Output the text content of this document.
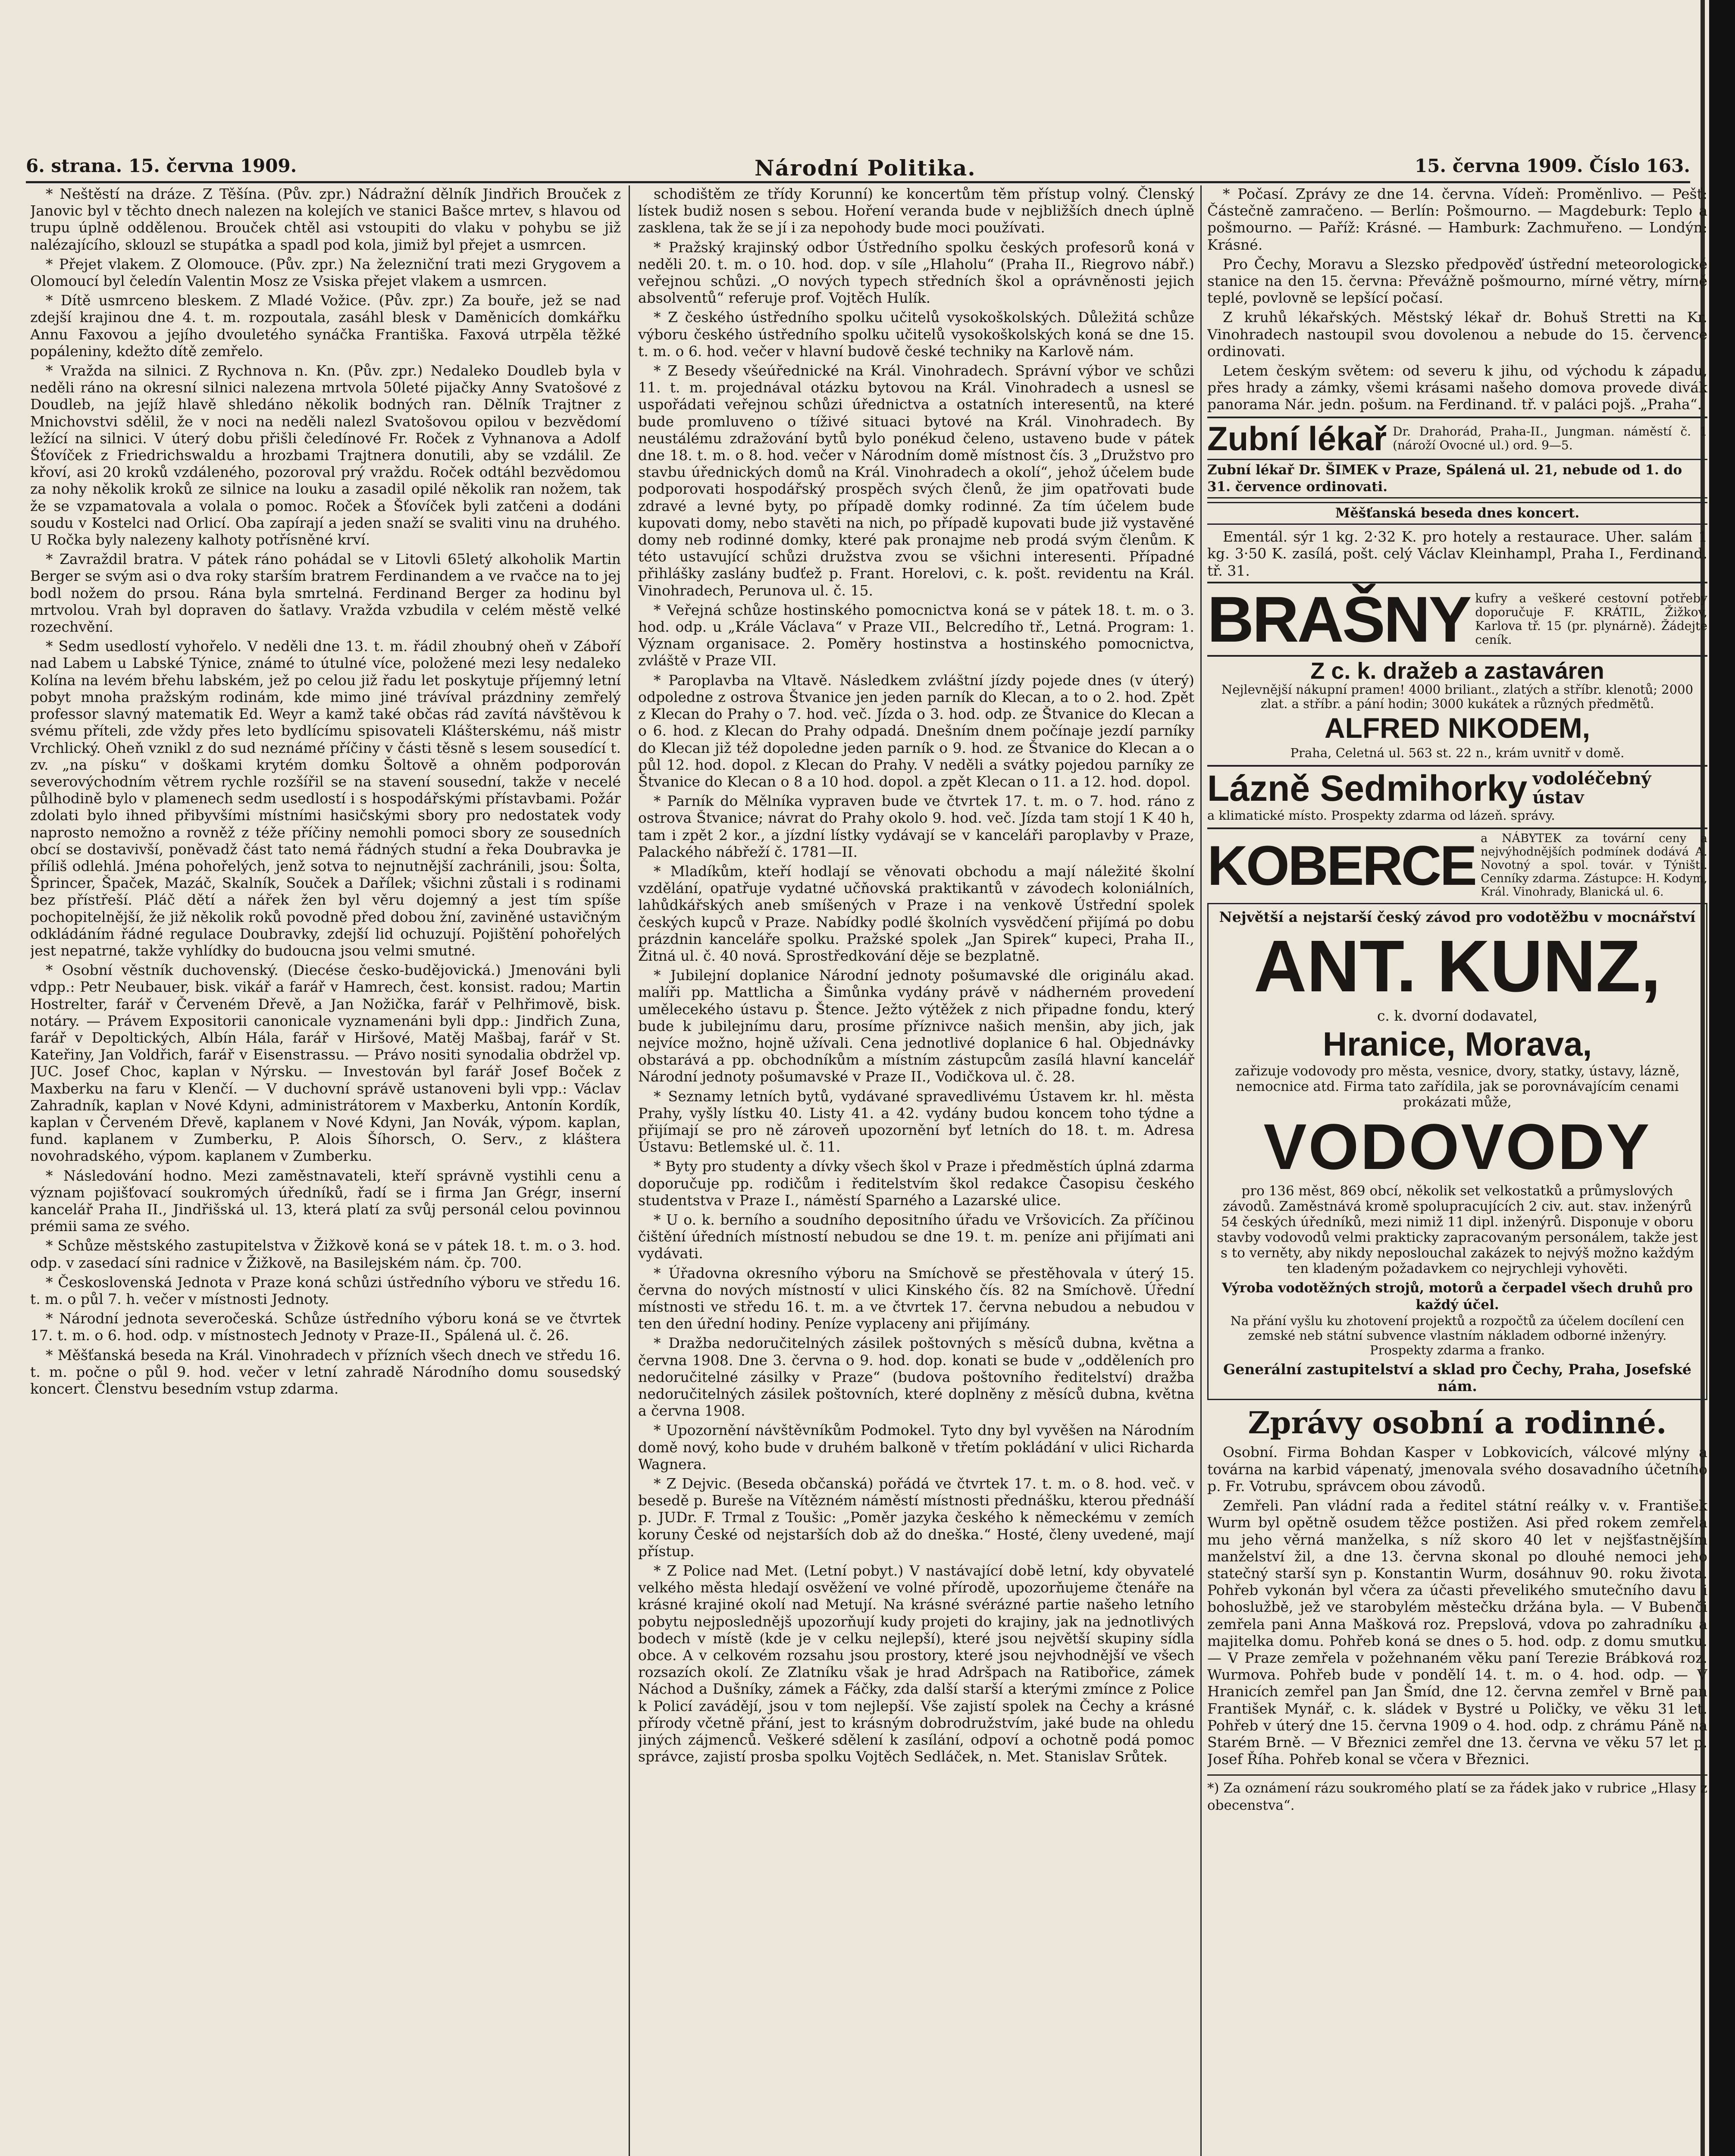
6. strana. 15. června 1909.	Národní Politika.	15. června 1909. Číslo 163.

* Neštěstí na dráze. Z Těšína. (Pův. zpr.) Nádražní dělník Jindřich Brouček z Janovic byl v těchto dnech nalezen na kolejích ve stanici Bašce mrtev, s hlavou od trupu úplně oddělenou. Brouček chtěl asi vstoupiti do vlaku v pohybu se již nalézajícího, sklouzl se stupátka a spadl pod kola, jimiž byl přejet a usmrcen.

* Přejet vlakem. Z Olomouce. (Pův. zpr.) Na železniční trati mezi Grygovem a Olomoucí byl čeledín Valentin Mosz ze Vsiska přejet vlakem a usmrcen.

* Dítě usmrceno bleskem. Z Mladé Vožice. (Pův. zpr.) Za bouře, jež se nad zdejší krajinou dne 4. t. m. rozpoutala, zasáhl blesk v Daměnicích domkářku Annu Faxovou a jejího dvouletého synáčka Františka. Faxová utrpěla těžké popáleniny, kdežto dítě zemřelo.

* Vražda na silnici. Z Rychnova n. Kn. (Pův. zpr.) Nedaleko Doudleb byla v neděli ráno na okresní silnici nalezena mrtvola 50leté pijačky Anny Svatošové z Doudleb, na jejíž hlavě shledáno několik bodných ran. Dělník Trajtner z Mnichovstvi sdělil, že v noci na neděli nalezl Svatošovou opilou v bezvědomí ležící na silnici. V úterý dobu přišli čeledínové Fr. Roček z Vyhnanova a Adolf Šťovíček z Friedrichswaldu a hrozbami Trajtnera donutili, aby se vzdálil. Ze křoví, asi 20 kroků vzdáleného, pozoroval prý vraždu. Roček odtáhl bezvědomou za nohy několik kroků ze silnice na louku a zasadil opilé několik ran nožem, tak že se vzpamatovala a volala o pomoc. Roček a Šťovíček byli zatčeni a dodáni soudu v Kostelci nad Orlicí. Oba zapírají a jeden snaží se svaliti vinu na druhého. U Ročka byly nalezeny kalhoty potřísněné krví.

* Zavraždil bratra. V pátek ráno pohádal se v Litovli 65letý alkoholik Martin Berger se svým asi o dva roky starším bratrem Ferdinandem a ve rvačce na to jej bodl nožem do prsou. Rána byla smrtelná. Ferdinand Berger za hodinu byl mrtvolou. Vrah byl dopraven do šatlavy. Vražda vzbudila v celém městě velké rozechvění.

* Sedm usedlostí vyhořelo. V neděli dne 13. t. m. řádil zhoubný oheň v Záboří nad Labem u Labské Týnice, známé to útulné více, položené mezi lesy nedaleko Kolína na levém břehu labském, jež po celou již řadu let poskytuje příjemný letní pobyt mnoha pražským rodinám, kde mimo jiné trávíval prázdniny zemřelý professor slavný matematik Ed. Weyr a kamž také občas rád zavítá návštěvou k svému příteli, zde vždy přes leto bydlícímu spisovateli Klášterskému, náš mistr Vrchlický. Oheň vznikl z do sud neznámé příčiny v části těsně s lesem sousedící t. zv. „na písku“ v doškami krytém domku Šoltově a ohněm podporován severovýchodním větrem rychle rozšířil se na stavení sousední, takže v necelé půlhodině bylo v plamenech sedm usedlostí i s hospodářskými přístavbami. Požár zdolati bylo ihned přibyvšími místními hasičskými sbory pro nedostatek vody naprosto nemožno a rovněž z téže příčiny nemohli pomoci sbory ze sousedních obcí se dostavivší, poněvadž část tato nemá řádných studní a řeka Doubravka je příliš odlehlá. Jména pohořelých, jenž sotva to nejnutnější zachránili, jsou: Šolta, Šprincer, Špaček, Mazáč, Skalník, Souček a Dařílek; všichni zůstali i s rodinami bez přístřeší. Pláč dětí a nářek žen byl věru dojemný a jest tím spíše pochopitelnější, že již několik roků povodně před dobou žní, zaviněné ustavičným odkládáním řádné regulace Doubravky, zdejší lid ochuzují. Pojištění pohořelých jest nepatrné, takže vyhlídky do budoucna jsou velmi smutné.

* Osobní věstník duchovenský. (Diecése česko-budějovická.) Jmenováni byli vdpp.: Petr Neubauer, bisk. vikář a farář v Hamrech, čest. konsist. radou; Martin Hostrelter, farář v Červeném Dřevě, a Jan Nožička, farář v Pelhřimově, bisk. notáry. — Právem Expositorii canonicale vyznamenáni byli dpp.: Jindřich Zuna, farář v Depoltických, Albín Hála, farář v Hiršové, Matěj Mašbaj, farář v St. Kateřiny, Jan Voldřich, farář v Eisenstrassu. — Právo nositi synodalia obdržel vp. JUC. Josef Choc, kaplan v Nýrsku. — Investován byl farář Josef Boček z Maxberku na faru v Klenčí. — V duchovní správě ustanoveni byli vpp.: Václav Zahradník, kaplan v Nové Kdyni, administrátorem v Maxberku, Antonín Kordík, kaplan v Červeném Dřevě, kaplanem v Nové Kdyni, Jan Novák, výpom. kaplan, fund. kaplanem v Zumberku, P. Alois Šíhorsch, O. Serv., z kláštera novohradského, výpom. kaplanem v Zumberku.

* Následování hodno. Mezi zaměstnavateli, kteří správně vystihli cenu a význam pojišťovací soukromých úředníků, řadí se i firma Jan Grégr, inserní kancelář Praha II., Jindřišská ul. 13, která platí za svůj personál celou povinnou prémii sama ze svého.

* Schůze městského zastupitelstva v Žižkově koná se v pátek 18. t. m. o 3. hod. odp. v zasedací síni radnice v Žižkově, na Basilejském nám. čp. 700.

* Československá Jednota v Praze koná schůzi ústředního výboru ve středu 16. t. m. o půl 7. h. večer v místnosti Jednoty.

* Národní jednota severočeská. Schůze ústředního výboru koná se ve čtvrtek 17. t. m. o 6. hod. odp. v místnostech Jednoty v Praze-II., Spálená ul. č. 26.

* Měšťanská beseda na Král. Vinohradech v přízních všech dnech ve středu 16. t. m. počne o půl 9. hod. večer v letní zahradě Národního domu sousedský koncert. Členstvu besedním vstup zdarma.

schodištěm ze třídy Korunní) ke koncertům těm přístup volný. Členský lístek budiž nosen s sebou. Hoření veranda bude v nejbližších dnech úplně zasklena, tak že se jí i za nepohody bude moci používati.

* Pražský krajinský odbor Ústředního spolku českých profesorů koná v neděli 20. t. m. o 10. hod. dop. v síle „Hlaholu“ (Praha II., Riegrovo nábř.) veřejnou schůzi. „O nových typech středních škol a oprávněnosti jejich absolventů“ referuje prof. Vojtěch Hulík.

* Z českého ústředního spolku učitelů vysokoškolských. Důležitá schůze výboru českého ústředního spolku učitelů vysokoškolských koná se dne 15. t. m. o 6. hod. večer v hlavní budově české techniky na Karlově nám.

* Z Besedy všeúřednické na Král. Vinohradech. Správní výbor ve schůzi 11. t. m. projednával otázku bytovou na Král. Vinohradech a usnesl se uspořádati veřejnou schůzi úřednictva a ostatních interesentů, na které bude promluveno o tíživé situaci bytové na Král. Vinohradech. By neustálému zdražování bytů bylo ponékud čeleno, ustaveno bude v pátek dne 18. t. m. o 8. hod. večer v Národním domě místnost čís. 3 „Družstvo pro stavbu úřednických domů na Král. Vinohradech a okolí“, jehož účelem bude podporovati hospodářský prospěch svých členů, že jim opatřovati bude zdravé a levné byty, po případě domky rodinné. Za tím účelem bude kupovati domy, nebo stavěti na nich, po případě kupovati bude již vystavěné domy neb rodinné domky, které pak pronajme neb prodá svým členům. K této ustavující schůzi družstva zvou se všichni interesenti. Případné přihlášky zaslány budťež p. Frant. Horelovi, c. k. pošt. revidentu na Král. Vinohradech, Perunova ul. č. 15.

* Veřejná schůze hostinského pomocnictva koná se v pátek 18. t. m. o 3. hod. odp. u „Krále Václava“ v Praze VII., Belcredího tř., Letná. Program: 1. Význam organisace. 2. Poměry hostinstva a hostinského pomocnictva, zvláště v Praze VII.

* Paroplavba na Vltavě. Následkem zvláštní jízdy pojede dnes (v úterý) odpoledne z ostrova Štvanice jen jeden parník do Klecan, a to o 2. hod. Zpět z Klecan do Prahy o 7. hod. več. Jízda o 3. hod. odp. ze Štvanice do Klecan a o 6. hod. z Klecan do Prahy odpadá. Dnešním dnem počínaje jezdí parníky do Klecan již též dopoledne jeden parník o 9. hod. ze Štvanice do Klecan a o půl 12. hod. dopol. z Klecan do Prahy. V neděli a svátky pojedou parníky ze Štvanice do Klecan o 8 a 10 hod. dopol. a zpět Klecan o 11. a 12. hod. dopol.

* Parník do Mělníka vypraven bude ve čtvrtek 17. t. m. o 7. hod. ráno z ostrova Štvanice; návrat do Prahy okolo 9. hod. več. Jízda tam stojí 1 K 40 h, tam i zpět 2 kor., a jízdní lístky vydávají se v kanceláři paroplavby v Praze, Palackého nábřeží č. 1781—II.

* Mladíkům, kteří hodlají se věnovati obchodu a mají náležité školní vzdělání, opatřuje vydatné učňovská praktikantů v závodech koloniálních, lahůdkářských aneb smíšených v Praze i na venkově Ústřední spolek českých kupců v Praze. Nabídky podlé školních vysvědčení přijímá po dobu prázdnin kanceláře spolku. Pražské spolek „Jan Spirek“ kupeci, Praha II., Žitná ul. č. 40 nová. Sprostředkování děje se bezplatně.

* Jubilejní doplanice Národní jednoty pošumavské dle originálu akad. malíři pp. Mattlicha a Šimůnka vydány právě v nádherném provedení umělecekého ústavu p. Štence. Ježto výtěžek z nich připadne fondu, který bude k jubilejnímu daru, prosíme příznivce našich menšin, aby jich, jak nejvíce možno, hojně užívali. Cena jednotlivé doplanice 6 hal. Objednávky obstarává a pp. obchodníkům a místním zástupcům zasílá hlavní kancelář Národní jednoty pošumavské v Praze II., Vodičkova ul. č. 28.

* Seznamy letních bytů, vydávané spravedlivému Ústavem kr. hl. města Prahy, vyšly lístku 40. Listy 41. a 42. vydány budou koncem toho týdne a přijímají se pro ně zároveň upozornění byť letních do 18. t. m. Adresa Ústavu: Betlemské ul. č. 11.

* Byty pro studenty a dívky všech škol v Praze i předměstích úplná zdarma doporučuje pp. rodičům i ředitelstvím škol redakce Časopisu českého studentstva v Praze I., náměstí Sparného a Lazarské ulice.

* U o. k. berního a soudního depositního úřadu ve Vršovicích. Za příčinou čištění úředních místností nebudou se dne 19. t. m. peníze ani přijímati ani vydávati.

* Úřadovna okresního výboru na Smíchově se přestěhovala v úterý 15. června do nových místností v ulici Kinského čís. 82 na Smíchově. Úřední místnosti ve středu 16. t. m. a ve čtvrtek 17. června nebudou a nebudou v ten den úřední hodiny. Peníze vyplaceny ani přijímány.

* Dražba nedoručitelných zásilek poštovných s měsíců dubna, května a června 1908. Dne 3. června o 9. hod. dop. konati se bude v „odděleních pro nedoručitelné zásilky v Praze“ (budova poštovního ředitelství) dražba nedoručitelných zásilek poštovních, které doplněny z měsíců dubna, května a června 1908.

* Upozornění návštěvníkům Podmokel. Tyto dny byl vyvěšen na Národním domě nový, koho bude v druhém balkoně v třetím pokládání v ulici Richarda Wagnera.

* Z Dejvic. (Beseda občanská) pořádá ve čtvrtek 17. t. m. o 8. hod. več. v besedě p. Bureše na Vítězném náměstí místnosti přednášku, kterou přednáší p. JUDr. F. Trmal z Toušic: „Poměr jazyka českého k německému v zemích koruny České od nejstarších dob až do dneška.“ Hosté, členy uvedené, mají přístup.

* Z Police nad Met. (Letní pobyt.) V nastávající době letní, kdy obyvatelé velkého města hledají osvěžení ve volné přírodě, upozorňujeme čtenáře na krásné krajiné okolí nad Metují. Na krásné svérázné partie našeho letního pobytu nejposlednějš upozorňují kudy projeti do krajiny, jak na jednotlivých bodech v místě (kde je v celku nejlepší), které jsou největší skupiny sídla obce. A v celkovém rozsahu jsou prostory, které jsou nejvhodnější ve všech rozsazích okolí. Ze Zlatníku však je hrad Adršpach na Ratibořice, zámek Náchod a Dušníky, zámek a Fáčky, zda další starší a kterými zmínce z Police k Policí zavádějí, jsou v tom nejlepší. Vše zajistí spolek na Čechy a krásné přírody včetně přání, jest to krásným dobrodružstvím, jaké bude na ohledu jiných zájmenců. Veškeré sdělení k zasílání, odpoví a ochotně podá pomoc správce, zajistí prosba spolku Vojtěch Sedláček, n. Met. Stanislav Srůtek.

* Počasí. Zprávy ze dne 14. června. Vídeň: Proměnlivo. — Pešť: Částečně zamračeno. — Berlín: Pošmourno. — Magdeburk: Teplo a pošmourno. — Paříž: Krásné. — Hamburk: Zachmuřeno. — Londýn: Krásné.

Pro Čechy, Moravu a Slezsko předpověď ústřední meteorologické stanice na den 15. června: Převážně pošmourno, mírné větry, mírně teplé, povlovně se lepšící počasí.

Z kruhů lékařských. Městský lékař dr. Bohuš Stretti na Kr. Vinohradech nastoupil svou dovolenou a nebude do 15. července ordinovati.

Letem českým světem: od severu k jihu, od východu k západu, přes hrady a zámky, všemi krásami našeho domova provede divák panorama Nár. jedn. pošum. na Ferdinand. tř. v paláci pojš. „Praha“.

Zubní lékař Dr. Drahorád, Praha-II., Jungman. náměstí č. 1 (nároží Ovocné ul.) ord. 9—5.
Zubní lékař Dr. ŠIMEK v Praze, Spálená ul. 21, nebude od 1. do 31. července ordinovati.
Měšťanská beseda dnes koncert.

Ementál. sýr 1 kg. 2·32 K. pro hotely a restaurace. Uher. salám 1 kg. 3·50 K. zasílá, pošt. celý Václav Kleinhampl, Praha I., Ferdinand. tř. 31.

BRAŠNY kufry a veškeré cestovní potřeby doporučuje F. KRÁTIL, Žižkov, Karlova tř. 15 (pr. plynárně). Žádejte ceník.
Z c. k. dražeb a zastaváren
Nejlevnější nákupní pramen! 4000 briliant., zlatých a stříbr. klenotů; 2000 zlat. a stříbr. a pání hodin; 3000 kukátek a různých předmětů.
ALFRED NIKODEM,
Praha, Celetná ul. 563 st. 22 n., krám uvnitř v domě.
Lázně Sedmihorky vodoléčebný ústav
a klimatické místo. Prospekty zdarma od lázeň. správy.
KOBERCE a NÁBYTEK za tovární ceny a nejvýhodnějších podmínek dodává A. Novotný a spol. továr. v Týništi. Cenníky zdarma. Zástupce: H. Kodym, Král. Vinohrady, Blanická ul. 6.
Největší a nejstarší český závod pro vodotěžbu v mocnářství
ANT. KUNZ,
c. k. dvorní dodavatel,
Hranice, Morava,
zařizuje vodovody pro města, vesnice, dvory, statky, ústavy, lázně, nemocnice atd. Firma tato zařídila, jak se porovnávajícím cenami prokázati může,
VODOVODY
pro 136 měst, 869 obcí, několik set velkostatků a průmyslových závodů. Zaměstnává kromě spolupracujících 2 civ. aut. stav. inženýrů 54 českých úředníků, mezi nimiž 11 dipl. inženýrů. Disponuje v oboru stavby vodovodů velmi prakticky zapracovaným personálem, takže jest s to verněty, aby nikdy neposlouchal zakázek to nejvýš možno každým ten kladeným požadavkem co nejrychleji vyhověti.
Výroba vodotěžných strojů, motorů a čerpadel všech druhů pro každý účel.
Na přání vyšlu ku zhotovení projektů a rozpočtů za účelem docílení cen zemské neb státní subvence vlastním nákladem odborné inženýry. Prospekty zdarma a franko.
Generální zastupitelství a sklad pro Čechy, Praha, Josefské nám.
Zprávy osobní a rodinné.

Osobní. Firma Bohdan Kasper v Lobkovicích, válcové mlýny a továrna na karbid vápenatý, jmenovala svého dosavadního účetního p. Fr. Votrubu, správcem obou závodů.

Zemřeli. Pan vládní rada a ředitel státní reálky v. v. František Wurm byl opětně osudem těžce postižen. Asi před rokem zemřela mu jeho věrná manželka, s níž skoro 40 let v nejšťastnějším manželství žil, a dne 13. června skonal po dlouhé nemoci jeho statečný starší syn p. Konstantin Wurm, dosáhnuv 90. roku života. Pohřeb vykonán byl včera za účasti převelikého smutečního davu i bohoslužbě, jež ve starobylém městečku držána byla. — V Bubenči zemřela pani Anna Mašková roz. Prepslová, vdova po zahradníku a majitelka domu. Pohřeb koná se dnes o 5. hod. odp. z domu smutku. — V Praze zemřela v požehnaném věku paní Terezie Brábková roz. Wurmova. Pohřeb bude v pondělí 14. t. m. o 4. hod. odp. — V Hranicích zemřel pan Jan Šmíd, dne 12. června zemřel v Brně pan František Mynář, c. k. sládek v Bystré u Poličky, ve věku 31 let. Pohřeb v úterý dne 15. června 1909 o 4. hod. odp. z chrámu Páně na Starém Brně. — V Březnici zemřel dne 13. června ve věku 57 let p. Josef Říha. Pohřeb konal se včera v Březnici.

*) Za oznámení rázu soukromého platí se za řádek jako v rubrice „Hlasy z obecenstva“.
